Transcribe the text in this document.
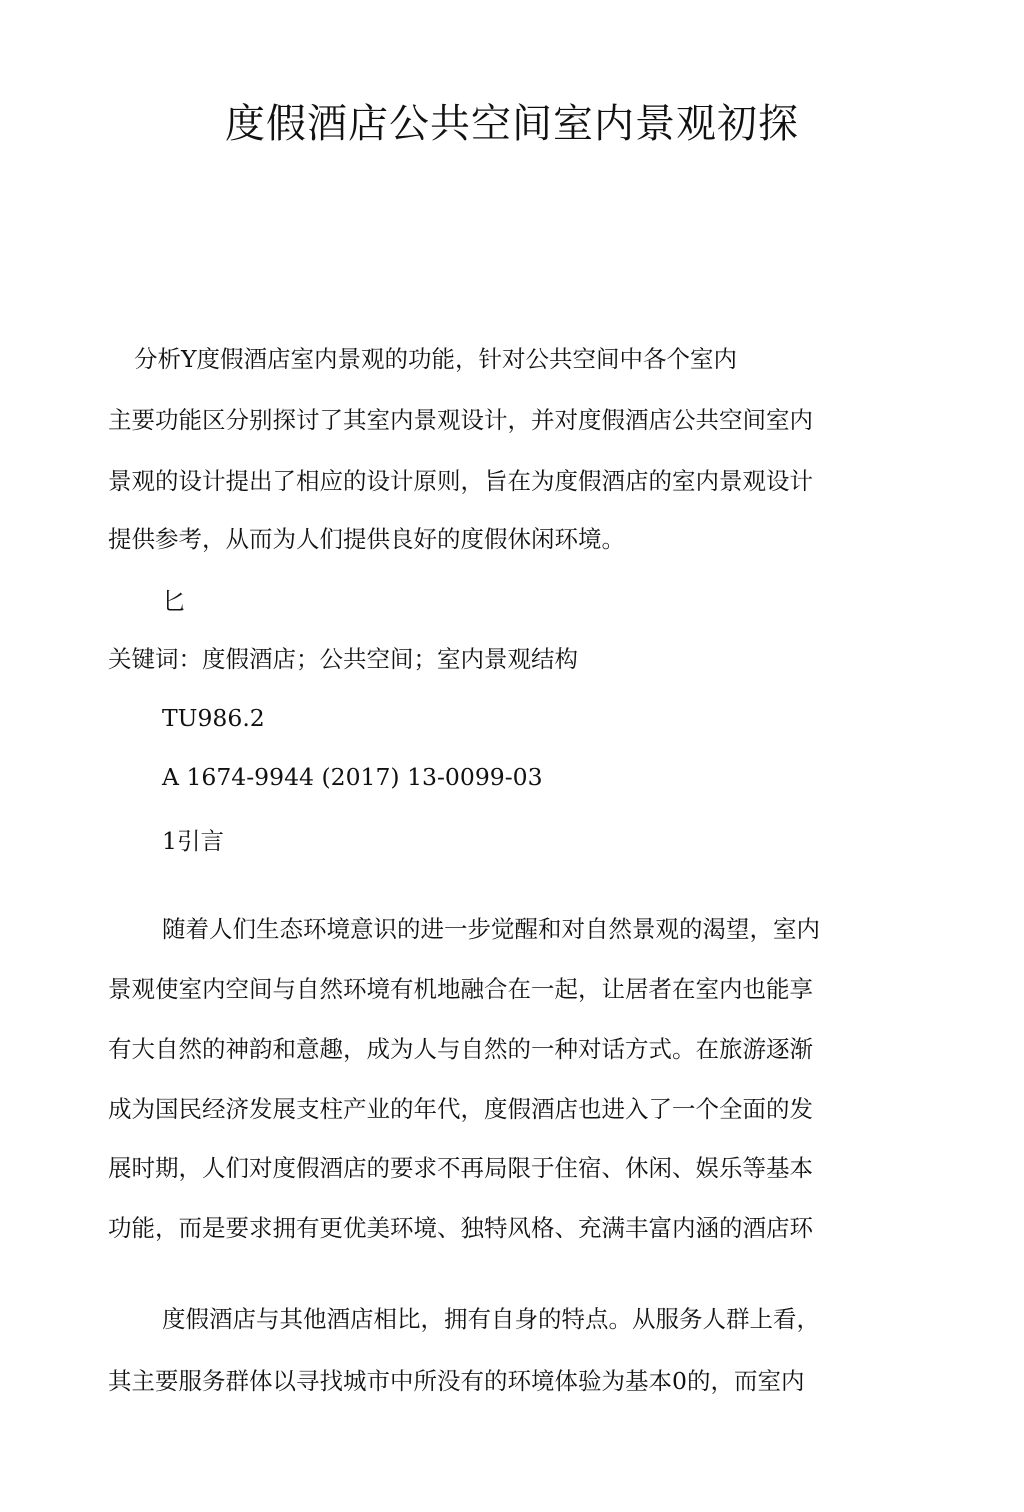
度假酒店公共空间室内景观初探

分析Y度假酒店室内景观的功能，针对公共空间中各个室内

主要功能区分别探讨了其室内景观设计，并对度假酒店公共空间室内

景观的设计提出了相应的设计原则，旨在为度假酒店的室内景观设计

提供参考，从而为人们提供良好的度假休闲环境。

匕

关键词：度假酒店；公共空间；室内景观结构

TU986.2

A 1674-9944 (2017) 13-0099-03

1引言

随着人们生态环境意识的进一步觉醒和对自然景观的渴望，室内

景观使室内空间与自然环境有机地融合在一起，让居者在室内也能享

有大自然的神韵和意趣，成为人与自然的一种对话方式。在旅游逐渐

成为国民经济发展支柱产业的年代，度假酒店也进入了一个全面的发

展时期，人们对度假酒店的要求不再局限于住宿、休闲、娱乐等基本

功能，而是要求拥有更优美环境、独特风格、充满丰富内涵的酒店环

度假酒店与其他酒店相比，拥有自身的特点。从服务人群上看，

其主要服务群体以寻找城市中所没有的环境体验为基本0的，而室内
